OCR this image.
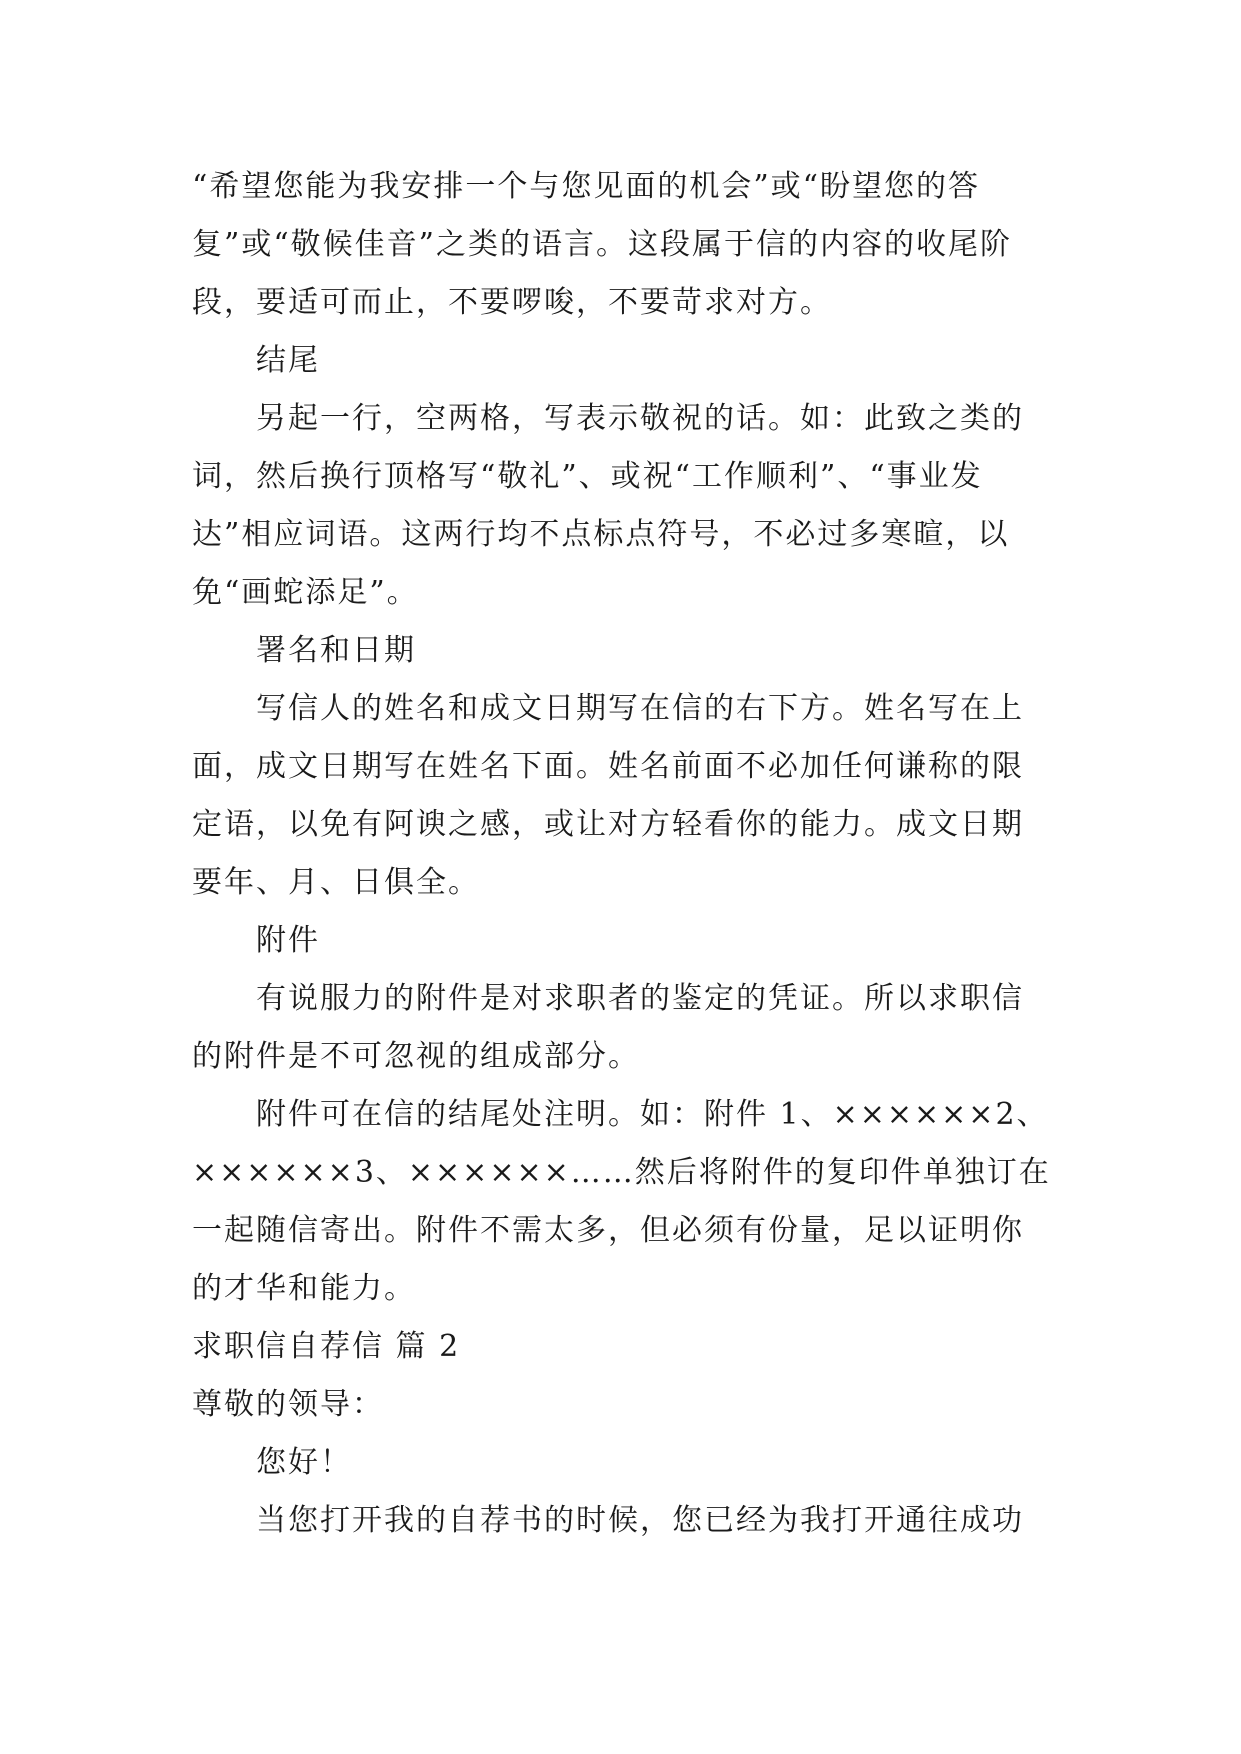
“希望您能为我安排一个与您见面的机会”或“盼望您的答复”或“敬候佳音”之类的语言。这段属于信的内容的收尾阶段，要适可而止，不要啰唆，不要苛求对方。

结尾

另起一行，空两格，写表示敬祝的话。如：此致之类的词，然后换行顶格写“敬礼”、或祝“工作顺利”、“事业发达”相应词语。这两行均不点标点符号，不必过多寒暄，以免“画蛇添足”。

署名和日期

写信人的姓名和成文日期写在信的右下方。姓名写在上面，成文日期写在姓名下面。姓名前面不必加任何谦称的限定语，以免有阿谀之感，或让对方轻看你的能力。成文日期要年、月、日俱全。

附件

有说服力的附件是对求职者的鉴定的凭证。所以求职信的附件是不可忽视的组成部分。

附件可在信的结尾处注明。如：附件 1、××××××2、××××××3、××××××……然后将附件的复印件单独订在一起随信寄出。附件不需太多，但必须有份量，足以证明你的才华和能力。

求职信自荐信 篇 2

尊敬的领导：

您好！

当您打开我的自荐书的时候，您已经为我打开通往成功
